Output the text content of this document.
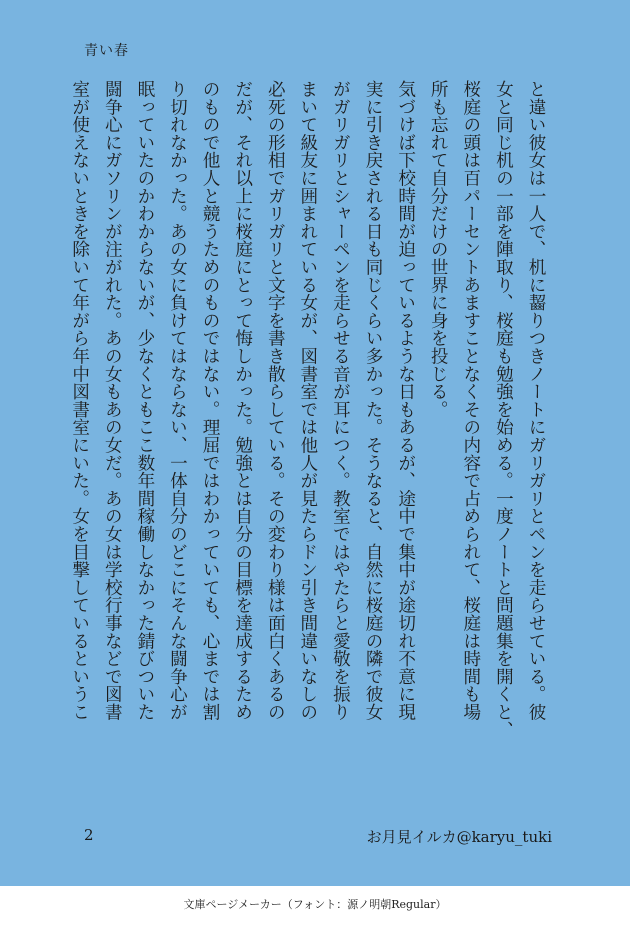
青い春
と違い彼女は一人で、机に齧りつきノートにガリガリとペンを走らせている。彼
女と同じ机の一部を陣取り、桜庭も勉強を始める。一度ノートと問題集を開くと、
桜庭の頭は百パーセントあますことなくその内容で占められて、桜庭は時間も場
所も忘れて自分だけの世界に身を投じる。
気づけば下校時間が迫っているような日もあるが、途中で集中が途切れ不意に現
実に引き戻される日も同じくらい多かった。そうなると、自然に桜庭の隣で彼女
がガリガリとシャーペンを走らせる音が耳につく。教室ではやたらと愛敬を振り
まいて級友に囲まれている女が、図書室では他人が見たらドン引き間違いなしの
必死の形相でガリガリと文字を書き散らしている。その変わり様は面白くあるの
だが、それ以上に桜庭にとって悔しかった。勉強とは自分の目標を達成するため
のもので他人と競うためのものではない。理屈ではわかっていても、心までは割
り切れなかった。あの女に負けてはならない、一体自分のどこにそんな闘争心が
眠っていたのかわからないが、少なくともここ数年間稼働しなかった錆びついた
闘争心にガソリンが注がれた。あの女もあの女だ。あの女は学校行事などで図書
室が使えないときを除いて年がら年中図書室にいた。女を目撃しているというこ
2	お月見イルカ@karyu_tuki
文庫ページメーカー（フォント：源ノ明朝Regular）
